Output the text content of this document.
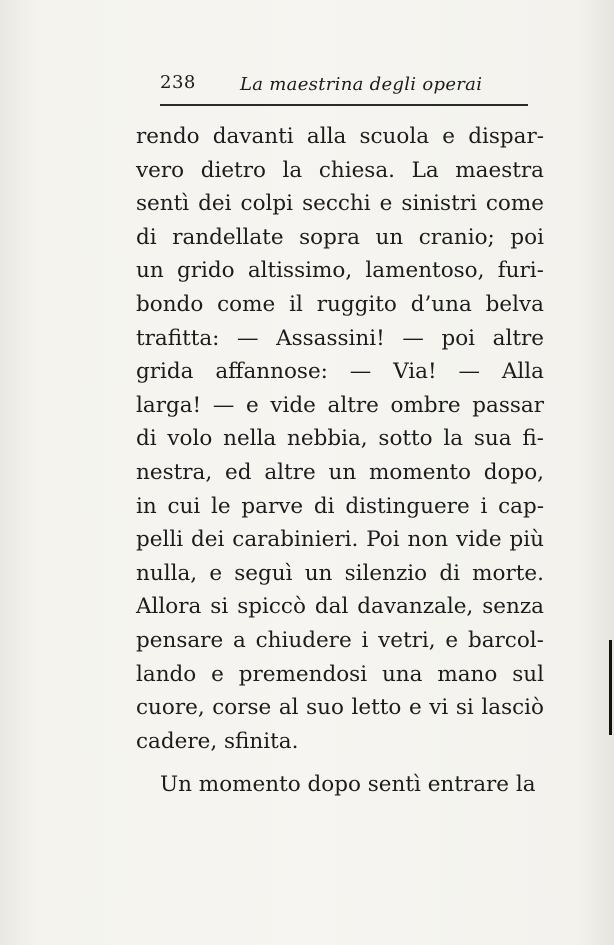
238 La maestrina degli operai
rendo davanti alla scuola e dispar-
vero dietro la chiesa. La maestra
sentì dei colpi secchi e sinistri come
di randellate sopra un cranio; poi
un grido altissimo, lamentoso, furi-
bondo come il ruggito d’una belva
trafitta: — Assassini! — poi altre
grida affannose: — Via! — Alla
larga! — e vide altre ombre passar
di volo nella nebbia, sotto la sua fi-
nestra, ed altre un momento dopo,
in cui le parve di distinguere i cap-
pelli dei carabinieri. Poi non vide più
nulla, e seguì un silenzio di morte.
Allora si spiccò dal davanzale, senza
pensare a chiudere i vetri, e barcol-
lando e premendosi una mano sul
cuore, corse al suo letto e vi si lasciò
cadere, sfinita.
Un momento dopo sentì entrare la
